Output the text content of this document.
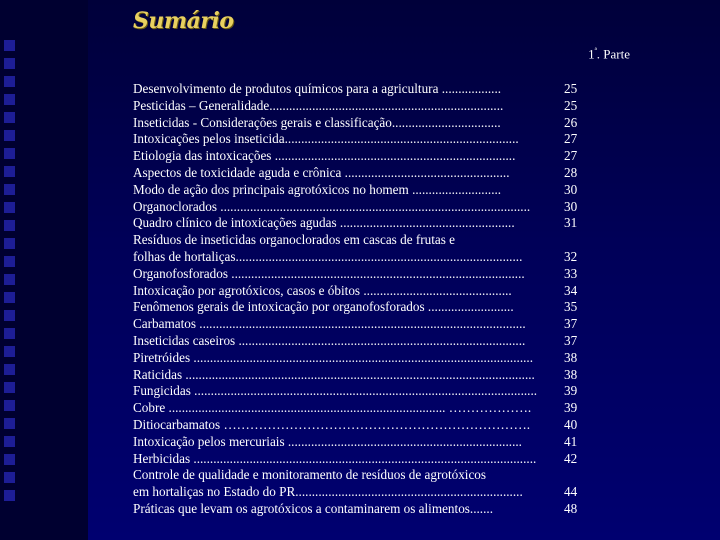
Sumário
$1^ª$. Parte
Desenvolvimento de produtos químicos para a agricultura ..................	25
Pesticidas – Generalidade.......................................................................	25
Inseticidas - Considerações gerais e classificação.................................	26
Intoxicações pelos inseticida.......................................................................	27
Etiologia das intoxicações .........................................................................	27
Aspectos de toxicidade aguda e crônica ..................................................	28
Modo de ação dos principais agrotóxicos no homem ...........................	30
Organoclorados ..............................................................................................	30
Quadro clínico de intoxicações agudas .....................................................	31
Resíduos de inseticidas organoclorados em cascas de frutas e
folhas de hortaliças.......................................................................................	32
Organofosforados .........................................................................................	33
Intoxicação por agrotóxicos, casos e óbitos .............................................	34
Fenômenos gerais de intoxicação por organofosforados ..........................	35
Carbamatos ...................................................................................................	37
Inseticidas caseiros .......................................................................................	37
Piretróides ....................................................................................................... 38
Raticidas .......................................................................................................... 38
Fungicidas ........................................................................................................ 39
Cobre .................................................................................... ………………. 39
Ditiocarbamatos …………………………………………………………….	40
Intoxicação pelos mercuriais .......................................................................	41
Herbicidas ........................................................................................................ 42
Controle de qualidade e monitoramento de resíduos de agrotóxicos
em hortaliças no Estado do PR.....................................................................	44
Práticas que levam os agrotóxicos a contaminarem os alimentos.......	48
